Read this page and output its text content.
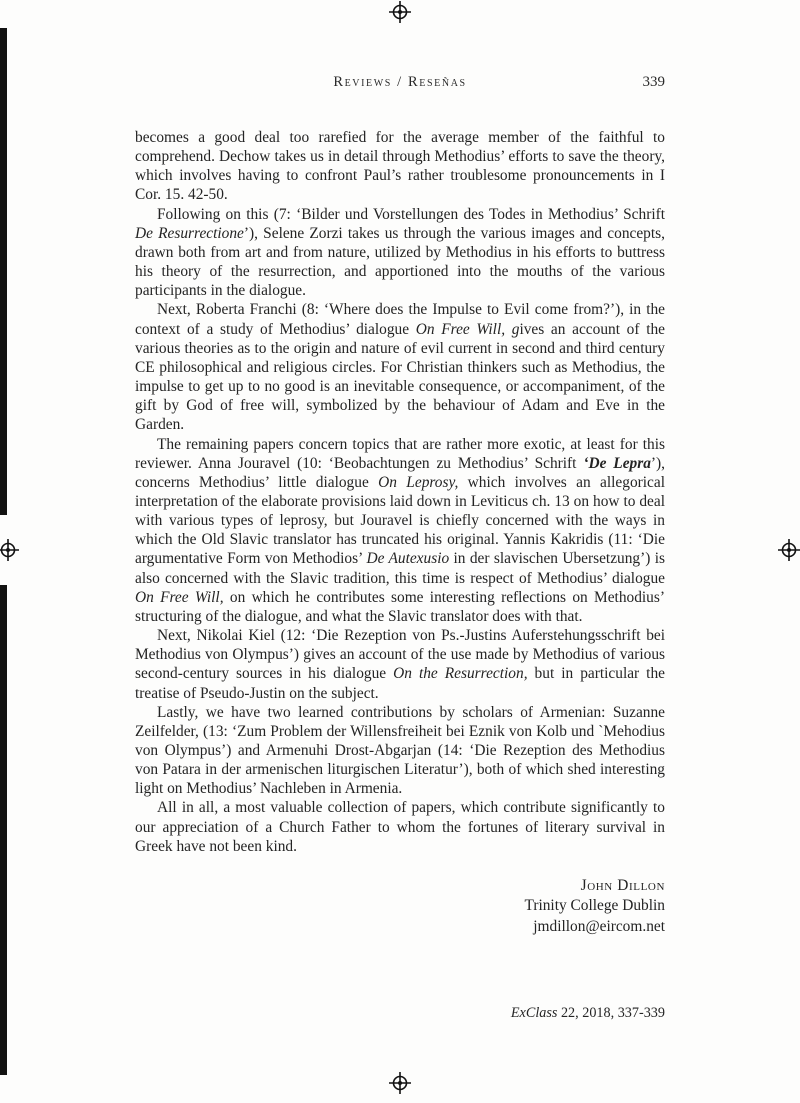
Reviews / Reseñas	339

becomes a good deal too rarefied for the average member of the faithful to comprehend. Dechow takes us in detail through Methodius’ efforts to save the theory, which involves having to confront Paul’s rather troublesome pronouncements in I Cor. 15. 42-50.

Following on this (7: ‘Bilder und Vorstellungen des Todes in Methodius’ Schrift De Resurrectione’), Selene Zorzi takes us through the various images and concepts, drawn both from art and from nature, utilized by Methodius in his efforts to buttress his theory of the resurrection, and apportioned into the mouths of the various participants in the dialogue.

Next, Roberta Franchi (8: ‘Where does the Impulse to Evil come from?’), in the context of a study of Methodius’ dialogue On Free Will, gives an account of the various theories as to the origin and nature of evil current in second and third century CE philosophical and religious circles. For Christian thinkers such as Methodius, the impulse to get up to no good is an inevitable consequence, or accompaniment, of the gift by God of free will, symbolized by the behaviour of Adam and Eve in the Garden.

The remaining papers concern topics that are rather more exotic, at least for this reviewer. Anna Jouravel (10: ‘Beobachtungen zu Methodius’ Schrift ‘De Lepra’), concerns Methodius’ little dialogue On Leprosy, which involves an allegorical interpretation of the elaborate provisions laid down in Leviticus ch. 13 on how to deal with various types of leprosy, but Jouravel is chiefly concerned with the ways in which the Old Slavic translator has truncated his original. Yannis Kakridis (11: ‘Die argumentative Form von Methodios’ De Autexusio in der slavischen Ubersetzung’) is also concerned with the Slavic tradition, this time is respect of Methodius’ dialogue On Free Will, on which he contributes some interesting reflections on Methodius’ structuring of the dialogue, and what the Slavic translator does with that.

Next, Nikolai Kiel (12: ‘Die Rezeption von Ps.-Justins Auferstehungsschrift bei Methodius von Olympus’) gives an account of the use made by Methodius of various second-century sources in his dialogue On the Resurrection, but in particular the treatise of Pseudo-Justin on the subject.

Lastly, we have two learned contributions by scholars of Armenian: Suzanne Zeilfelder, (13: ‘Zum Problem der Willensfreiheit bei Eznik von Kolb und `Mehodius von Olympus’) and Armenuhi Drost-Abgarjan (14: ‘Die Rezeption des Methodius von Patara in der armenischen liturgischen Literatur’), both of which shed interesting light on Methodius’ Nachleben in Armenia.

All in all, a most valuable collection of papers, which contribute significantly to our appreciation of a Church Father to whom the fortunes of literary survival in Greek have not been kind.

John Dillon
Trinity College Dublin
jmdillon@eircom.net
ExClass 22, 2018, 337-339
